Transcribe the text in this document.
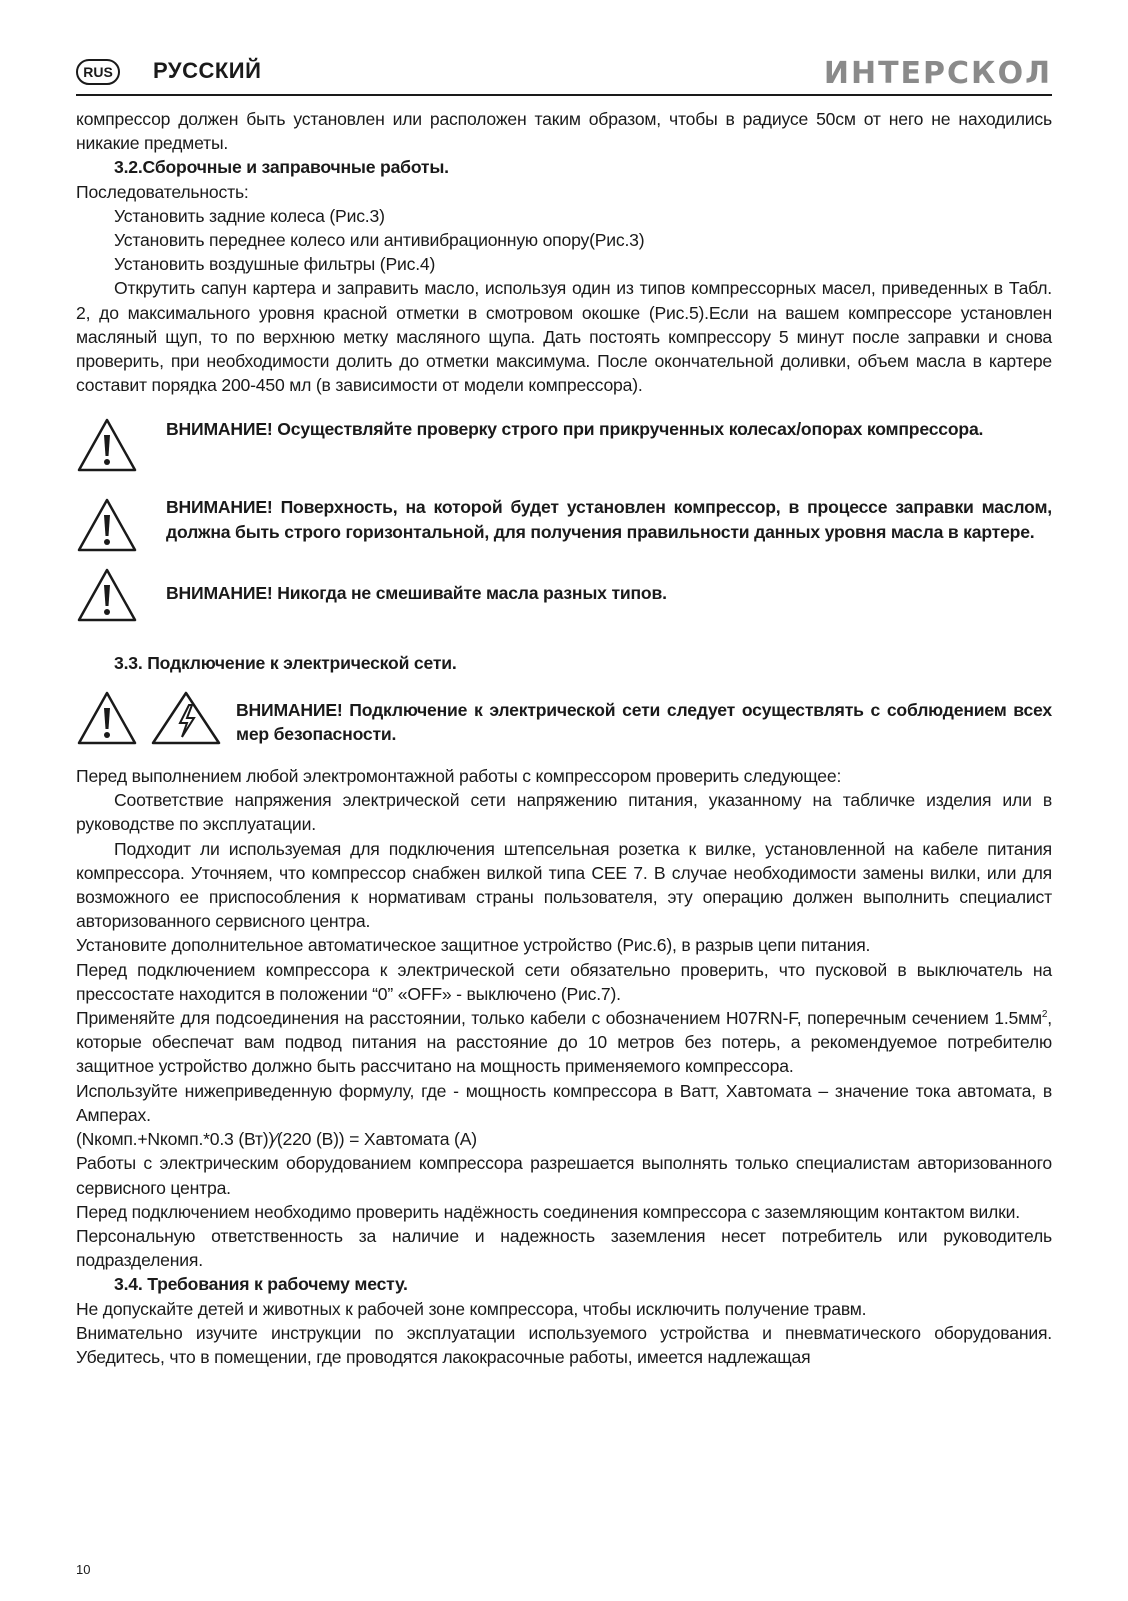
RUS	РУССКИЙ	ИНТЕРСКОЛ

компрессор должен быть установлен или расположен таким образом, чтобы в радиусе 50см от него не находились никакие предметы.

3.2.Сборочные и заправочные работы.

Последовательность:

Установить задние колеса (Рис.3)

Установить переднее колесо или антивибрационную опору(Рис.3)

Установить воздушные фильтры (Рис.4)

Открутить сапун картера и заправить масло, используя один из типов компрессорных масел, приведенных в Табл. 2, до максимального уровня красной отметки в смотровом окошке (Рис.5).Если на вашем компрессоре установлен масляный щуп, то по верхнюю метку масляного щупа. Дать постоять компрессору 5 минут после заправки и снова проверить, при необходимости долить до отметки максимума. После окончательной доливки, объем масла в картере составит порядка 200-450 мл (в зависимости от модели компрессора).

ВНИМАНИЕ! Осуществляйте проверку строго при прикрученных колесах/опорах компрессора.

ВНИМАНИЕ! Поверхность, на которой будет установлен компрессор, в процессе заправки маслом, должна быть строго горизонтальной, для получения правильности данных уровня масла в картере.

ВНИМАНИЕ! Никогда не смешивайте масла разных типов.

3.3. Подключение к электрической сети.

ВНИМАНИЕ! Подключение к электрической сети следует осуществлять с соблюдением всех мер безопасности.

Перед выполнением любой электромонтажной работы с компрессором проверить следующее:

Соответствие напряжения электрической сети напряжению питания, указанному на табличке изделия или в руководстве по эксплуатации.

Подходит ли используемая для подключения штепсельная розетка к вилке, установленной на кабеле питания компрессора. Уточняем, что компрессор снабжен вилкой типа CEE 7. В случае необходимости замены вилки, или для возможного ее приспособления к нормативам страны пользователя, эту операцию должен выполнить специалист авторизованного сервисного центра.

Установите дополнительное автоматическое защитное устройство (Рис.6), в разрыв цепи питания.

Перед подключением компрессора к электрической сети обязательно проверить, что пусковой в выключатель на прессостате находится в положении “0” «OFF» - выключено (Рис.7).

Применяйте для подсоединения на расстоянии, только кабели с обозначением H07RN-F, поперечным сечением $1.5мм^2$, которые обеспечат вам подвод питания на расстояние до 10 метров без потерь, а рекомендуемое потребителю защитное устройство должно быть рассчитано на мощность применяемого компрессора.

Используйте нижеприведенную формулу, где - мощность компрессора в Ватт, Хавтомата – значение тока автомата, в Амперах.

(Nкомп.+Nкомп.*0.3 (Вт))⁄(220 (В)) = Хавтомата (А)

Работы с электрическим оборудованием компрессора разрешается выполнять только специалистам авторизованного сервисного центра.

Перед подключением необходимо проверить надёжность соединения компрессора с заземляющим контактом вилки.

Персональную ответственность за наличие и надежность заземления несет потребитель или руководитель подразделения.

3.4. Требования к рабочему месту.

Не допускайте детей и животных к рабочей зоне компрессора, чтобы исключить получение травм.

Внимательно изучите инструкции по эксплуатации используемого устройства и пневматического оборудования. Убедитесь, что в помещении, где проводятся лакокрасочные работы, имеется надлежащая

10
